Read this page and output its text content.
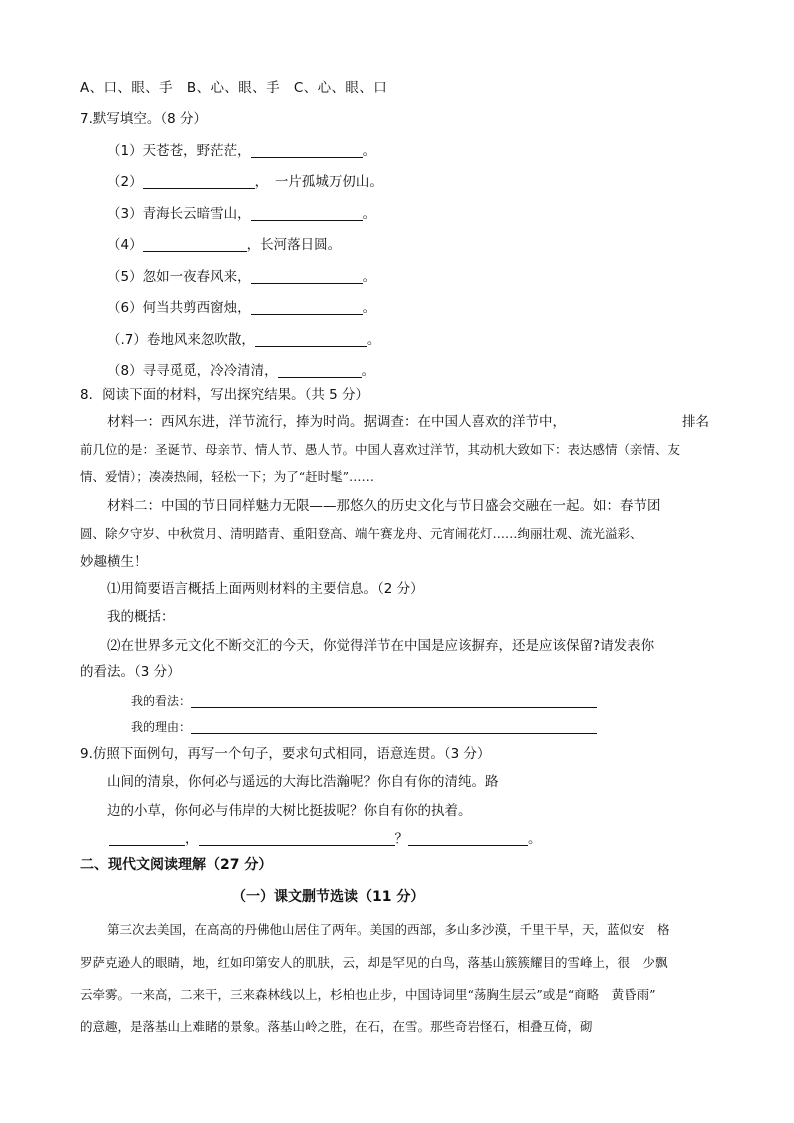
A、口、眼、手　B、心、眼、手　C、心、眼、口
7.默写填空。（8 分）
（1）天苍苍，野茫茫，	。
（2）	，　一片孤城万仞山。
（3）青海长云暗雪山，	。
（4）	，长河落日圆。
（5）忽如一夜春风来，	。
（6）何当共剪西窗烛，	。
（.7）卷地风来忽吹散，	。
（8）寻寻觅觅，冷冷清清，	。
8．阅读下面的材料，写出探究结果。（共 5 分）
材料一：西风东进，洋节流行，捧为时尚。据调查：在中国人喜欢的洋节中，	排名
前几位的是：圣诞节、母亲节、情人节、愚人节。中国人喜欢过洋节，其动机大致如下：表达感情（亲情、友
情、爱情）；凑凑热闹，轻松一下；为了“赶时髦”……
材料二：中国的节日同样魅力无限——那悠久的历史文化与节日盛会交融在一起。如：春节团
圆、除夕守岁、中秋赏月、清明踏青、重阳登高、端午赛龙舟、元宵闹花灯……绚丽壮观、流光溢彩、
妙趣横生！
⑴用简要语言概括上面两则材料的主要信息。（2 分）
我的概括：
⑵在世界多元文化不断交汇的今天，你觉得洋节在中国是应该摒弃，还是应该保留?请发表你
的看法。（3 分）
我的看法：
我的理由：
9.仿照下面例句，再写一个句子，要求句式相同，语意连贯。（3 分）
山间的清泉，你何必与遥远的大海比浩瀚呢？你自有你的清纯。路
边的小草，你何必与伟岸的大树比挺拔呢？你自有你的执着。
，	？	。
二、现代文阅读理解（27 分）
（一）课文删节选读（11 分）
第三次去美国，在高高的丹佛他山居住了两年。美国的西部，多山多沙漠，千里干旱，天，蓝似安　格
罗萨克逊人的眼睛，地，红如印第安人的肌肤，云，却是罕见的白鸟，落基山簇簇耀目的雪峰上，很　少飘
云牵雾。一来高，二来干，三来森林线以上，杉柏也止步，中国诗词里“荡胸生层云”或是“商略　黄昏雨”
的意趣，是落基山上难睹的景象。落基山岭之胜，在石，在雪。那些奇岩怪石，相叠互倚，砌
